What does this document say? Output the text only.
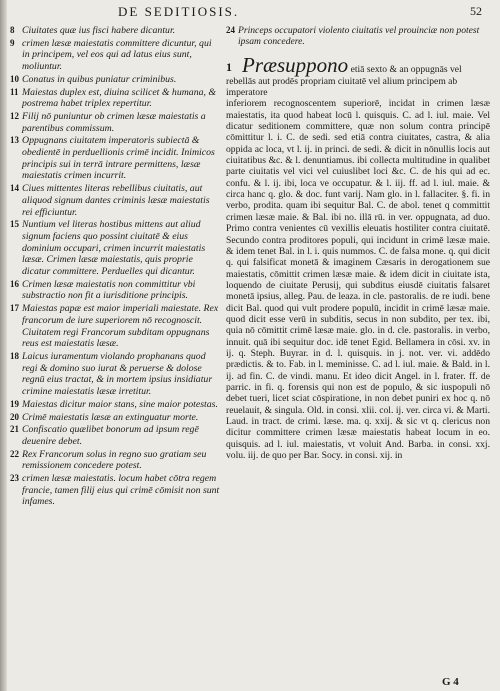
DE SEDITIOSIS.	52
8 Ciuitates quæ ius fisci habere dicantur.
9 crimen læsæ maiestatis committere dicuntur, qui in principem, vel eos qui ad latus eius sunt, moliuntur.
10 Conatus in quibus puniatur criminibus.
11 Maiestas duplex est, diuina scilicet & humana, & postrema habet triplex repertitur.
12 Filij nō puniuntur ob crimen læsæ maiestatis a parentibus commissum.
13 Oppugnans ciuitatem imperatoris subiectā & obedientē in perduellionis crimē incidit. Inimicos principis sui in terrā intrare permittens, læsæ maiestatis crimen incurrit.
14 Ciues mittentes literas rebellibus ciuitatis, aut aliquod signum dantes criminis læsæ maiestatis rei efficiuntur.
15 Nuntium vel literas hostibus mittens aut aliud signum faciens quo possint ciuitatē & eius dominium occupari, crimen incurrit maiestatis læsæ. Crimen læsæ maiestatis, quis proprie dicatur committere. Perduelles qui dicantur.
16 Crimen læsæ maiestatis non committitur vbi substractio non fit a iurisditione principis.
17 Maiestas papæ est maior imperiali maiestate. Rex francorum de iure superiorem nō recognoscit. Ciuitatem regi Francorum subditam oppugnans reus est maiestatis læsæ.
18 Laicus iuramentum violando prophanans quod regi & domino suo iurat & peruerse & dolose regnū eius tractat, & in mortem ipsius insidiatur crimine maiestatis læsæ irretitur.
19 Maiestas dicitur maior stans, sine maior potestas.
20 Crimē maiestatis læsæ an extinguatur morte.
21 Confiscatio quælibet bonorum ad ipsum regē deuenire debet.
22 Rex Francorum solus in regno suo gratiam seu remissionem concedere potest.
23 crimen læsæ maiestatis. locum habet cōtra regem francie, tamen filij eius qui crimē cōmisit non sunt infames.
24 Princeps occupatori violento ciuitatis vel prouinciæ non potest ipsam concedere.
1 Præsuppono etiā sexto & an oppugnās vel rebellās aut prodēs propriam ciuitatē vel alium principem ab imperatore
inferiorem recognoscentem superiorē, incidat in crimen læsæ maiestatis, ita quod habeat locū l. quisquis. C. ad l. iul. maie. Vel dicatur seditionem committere, quæ non solum contra principē cōmittitur l. i. C. de sedi. sed etiā contra ciuitates, castra, & alia oppida ac loca, vt l. ij. in princi. de sedi. & dicit in nōnullis locis aut ciuitatibus &c. & l. denuntiamus. ibi collecta multitudine in qualibet parte ciuitatis vel vici vel cuiuslibet loci &c. C. de his qui ad ec. confu. & l. ij. ibi, loca ve occupatur. & l. iij. ff. ad l. iul. maie. & circa hanc q. glo. & doc. funt varij. Nam glo. in l. fallaciter. §. fi. in verbo, prodita. quam ibi sequitur Bal. C. de abol. tenet q committit crimen læsæ maie. & Bal. ibi no. illā rū. in ver. oppugnata, ad duo. Primo contra venientes cū vexillis eleuatis hostiliter contra ciuitatē. Secundo contra proditores populi, qui incidunt in crimē læsæ maie. & idem tenet Bal. in l. i. quis nummos. C. de falsa mone. q. qui dicit q. qui falsificat monetā & imaginem Cæsaris in derogationem sue maiestatis, cōmittit crimen læsæ maie. & idem dicit in ciuitate ista, loquendo de ciuitate Perusij, qui subditus eiusdē ciuitatis falsaret monetā ipsius, alleg. Pau. de leaza. in cle. pastoralis. de re iudi. bene dicit Bal. quod qui vult prodere populū, incidit in crimē læsæ maie. quod dicit esse verū in subditis, secus in non subdito, per tex. ibi, quia nō cōmittit crimē læsæ maie. glo. in d. cle. pastoralis. in verbo, innuit. quā ibi sequitur doc. idē tenet Egid. Bellamera in cōsi. xv. in ij. q. Steph. Buyrar. in d. l. quisquis. in j. not. ver. vi. addēdo prædictis. & to. Fab. in l. meminisse. C. ad l. iul. maie. & Bald. in l. ij. ad fin. C. de vindi. manu. Et ideo dicit Angel. in l. frater. ff. de parric. in fi. q. forensis qui non est de populo, & sic iuspopuli nō debet tueri, licet sciat cōspiratione, in non debet puniri ex hoc q. nō reuelauit, & singula. Old. in consi. xlii. col. ij. ver. circa vi. & Marti. Laud. in tract. de crimi. læse. ma. q. xxij. & sic vt q. clericus non dicitur committere crimen læsæ maiestatis habeat locum in eo. quisquis. ad l. iul. maiestatis, vt voluit And. Barba. in consi. xxj. volu. iij. de quo per Bar. Socy. in consi. xij. in
G 4
